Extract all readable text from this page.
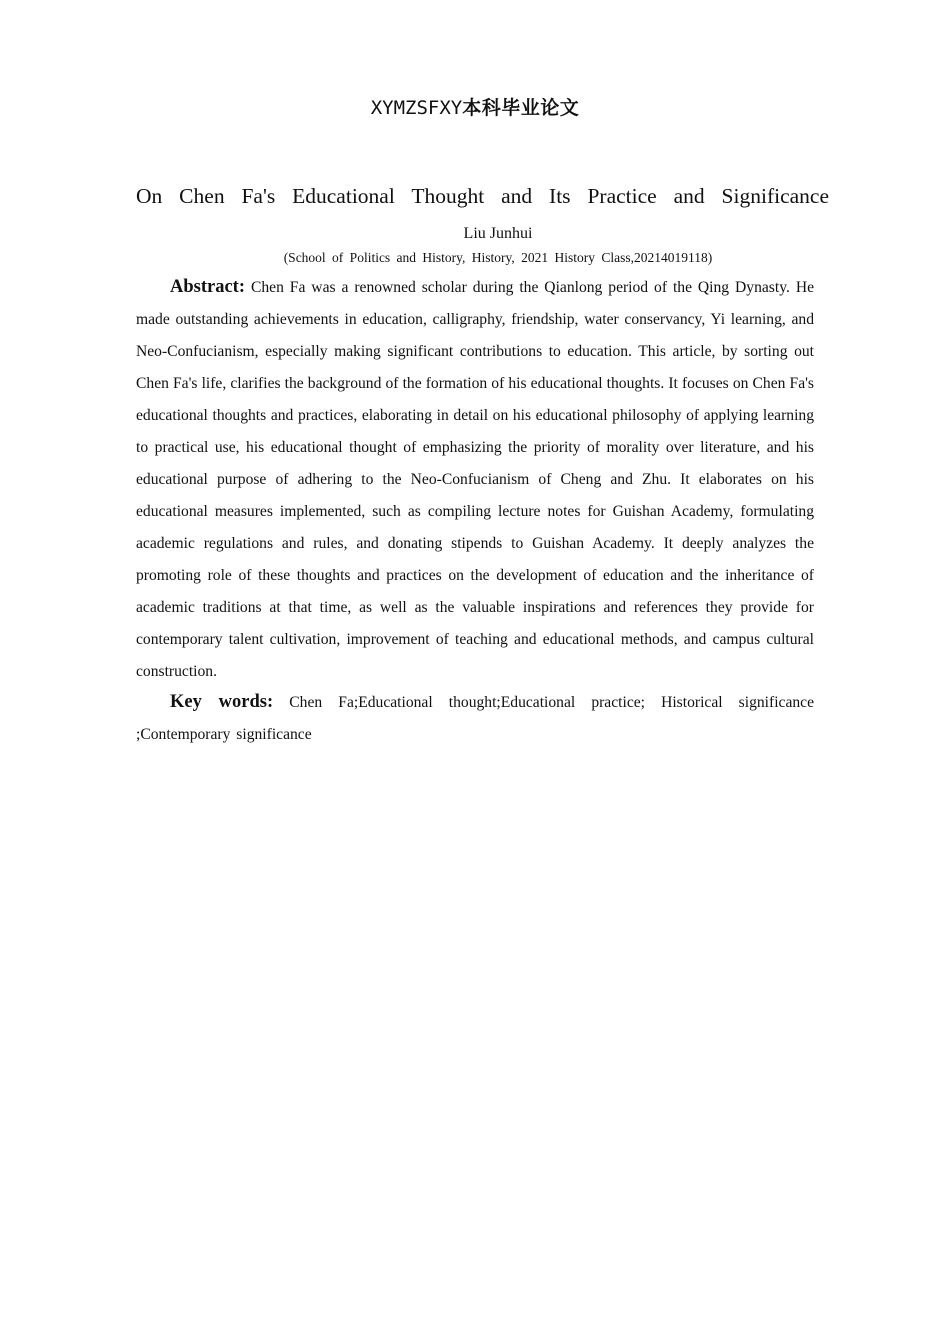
XYMZSFXY本科毕业论文
On Chen Fa's Educational Thought and Its Practice and Significance
Liu Junhui
(School of Politics and History, History, 2021 History Class,20214019118)

Abstract: Chen Fa was a renowned scholar during the Qianlong period of the Qing Dynasty. He made outstanding achievements in education, calligraphy, friendship, water conservancy, Yi learning, and Neo-Confucianism, especially making significant contributions to education. This article, by sorting out Chen Fa's life, clarifies the background of the formation of his educational thoughts. It focuses on Chen Fa's educational thoughts and practices, elaborating in detail on his educational philosophy of applying learning to practical use, his educational thought of emphasizing the priority of morality over literature, and his educational purpose of adhering to the Neo-Confucianism of Cheng and Zhu. It elaborates on his educational measures implemented, such as compiling lecture notes for Guishan Academy, formulating academic regulations and rules, and donating stipends to Guishan Academy. It deeply analyzes the promoting role of these thoughts and practices on the development of education and the inheritance of academic traditions at that time, as well as the valuable inspirations and references they provide for contemporary talent cultivation, improvement of teaching and educational methods, and campus cultural construction.

Key words: Chen Fa;Educational thought;Educational practice; Historical significance ;Contemporary significance
